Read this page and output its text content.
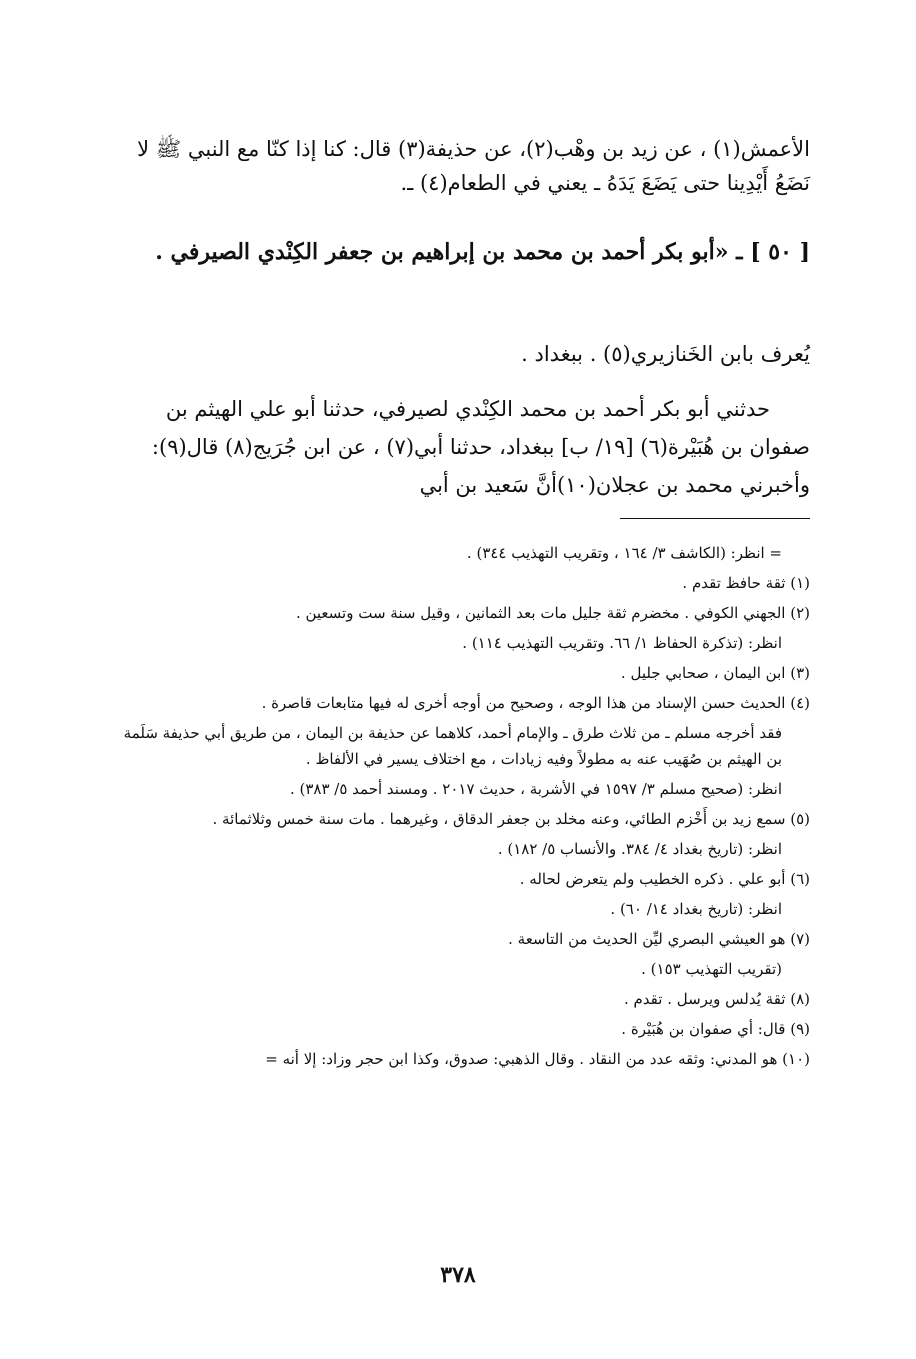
الأعمش(١) ، عن زيد بن وهْب(٢)، عن حذيفة(٣) قال: كنا إذا كنّا مع النبي ﷺ لا نَضَعُ أَيْدِينا حتى يَضَعَ يَدَهُ ـ يعني في الطعام(٤) ـ.
[ ٥٠ ] ـ «أبو بكر أحمد بن محمد بن إبراهيم بن جعفر الكِنْدي الصيرفي .
يُعرف بابن الخَنازيري(٥) . ببغداد .
حدثني أبو بكر أحمد بن محمد الكِنْدي لصيرفي، حدثنا أبو علي الهيثم بن صفوان بن هُبَيْرة(٦) [١٩/ ب] ببغداد، حدثنا أبي(٧) ، عن ابن جُرَيج(٨) قال(٩): وأخبرني محمد بن عجلان(١٠)أنَّ سَعيد بن أبي
= انظر: (الكاشف ٣/ ١٦٤ ، وتقريب التهذيب ٣٤٤) .
(١) ثقة حافظ تقدم .
(٢) الجهني الكوفي . مخضرم ثقة جليل مات بعد الثمانين ، وقيل سنة ست وتسعين .
انظر: (تذكرة الحفاظ ١/ ٦٦. وتقريب التهذيب ١١٤) .
(٣) ابن اليمان ، صحابي جليل .
(٤) الحديث حسن الإسناد من هذا الوجه ، وصحيح من أوجه أخرى له فيها متابعات قاصرة .
فقد أخرجه مسلم ـ من ثلاث طرق ـ والإمام أحمد، كلاهما عن حذيفة بن اليمان ، من طريق أبي حذيفة سَلَمة بن الهيثم بن صُهَيب عنه به مطولاً وفيه زيادات ، مع اختلاف يسير في الألفاظ .
انظر: (صحيح مسلم ٣/ ١٥٩٧ في الأشربة ، حديث ٢٠١٧ . ومسند أحمد ٥/ ٣٨٣) .
(٥) سمع زيد بن أَخْزم الطائي، وعنه مخلد بن جعفر الدقاق ، وغيرهما . مات سنة خمس وثلاثمائة .
انظر: (تاريخ بغداد ٤/ ٣٨٤. والأنساب ٥/ ١٨٢) .
(٦) أبو علي . ذكره الخطيب ولم يتعرض لحاله .
انظر: (تاريخ بغداد ١٤/ ٦٠) .
(٧) هو العيشي البصري ليِّن الحديث من التاسعة .
(تقريب التهذيب ١٥٣) .
(٨) ثقة يُدلس ويرسل . تقدم .
(٩) قال: أي صفوان بن هُبَيْرة .
(١٠) هو المدني: وثقه عدد من النقاد . وقال الذهبي: صدوق، وكذا ابن حجر وزاد: إلا أنه =
٣٧٨
